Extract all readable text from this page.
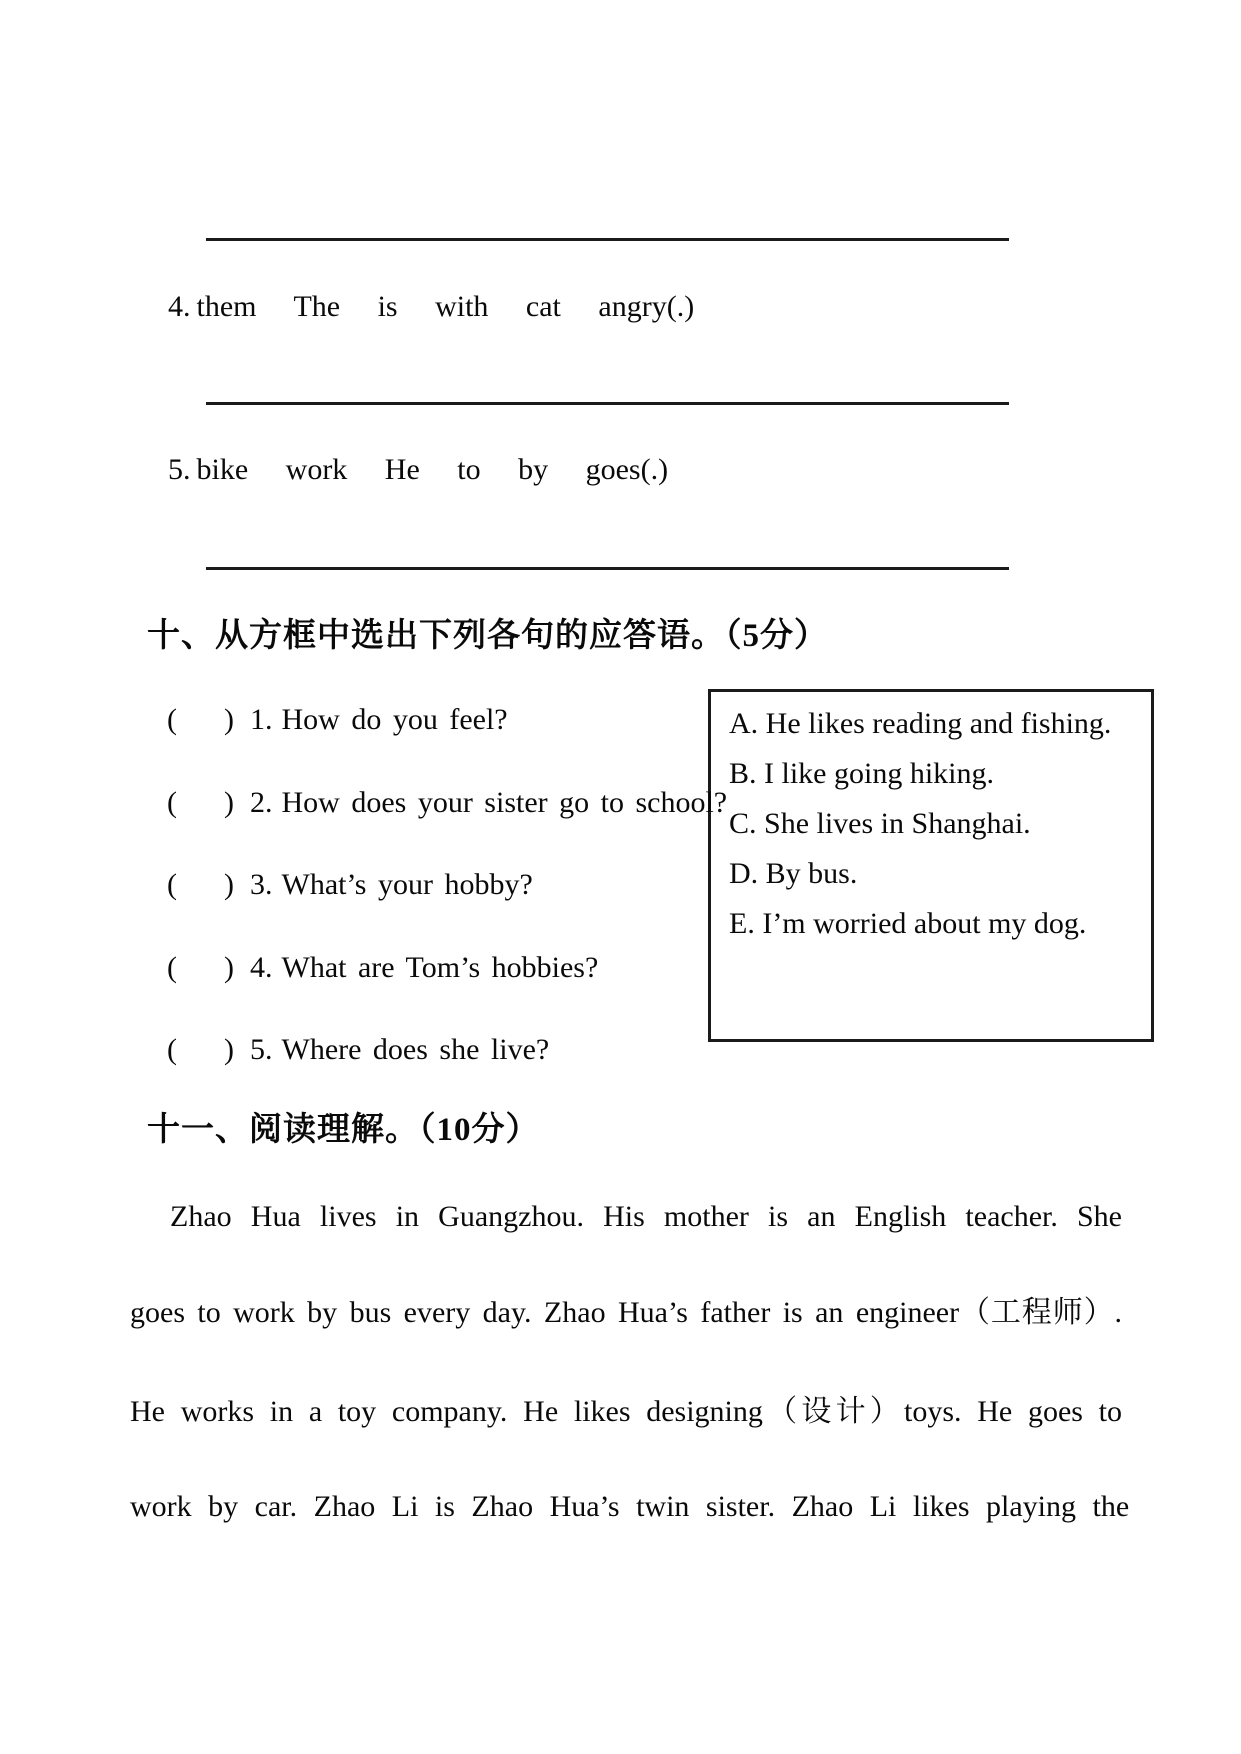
4. them The is with cat angry(.)
5. bike work He to by goes(.)
十、从方框中选出下列各句的应答语。（5分）
A. He likes reading and fishing.
B. I like going hiking.
C. She lives in Shanghai.
D. By bus.
E. I’m worried about my dog.
( ) 1. How do you feel?
( ) 2. How does your sister go to school?
( ) 3. What’s your hobby?
( ) 4. What are Tom’s hobbies?
( ) 5. Where does she live?
十一、阅读理解。（10分）
Zhao Hua lives in Guangzhou. His mother is an English teacher. She
goes to work by bus every day. Zhao Hua’s father is an engineer（工程师）.
He works in a toy company. He likes designing（设计）toys. He goes to
work by car. Zhao Li is Zhao Hua’s twin sister. Zhao Li likes playing the
